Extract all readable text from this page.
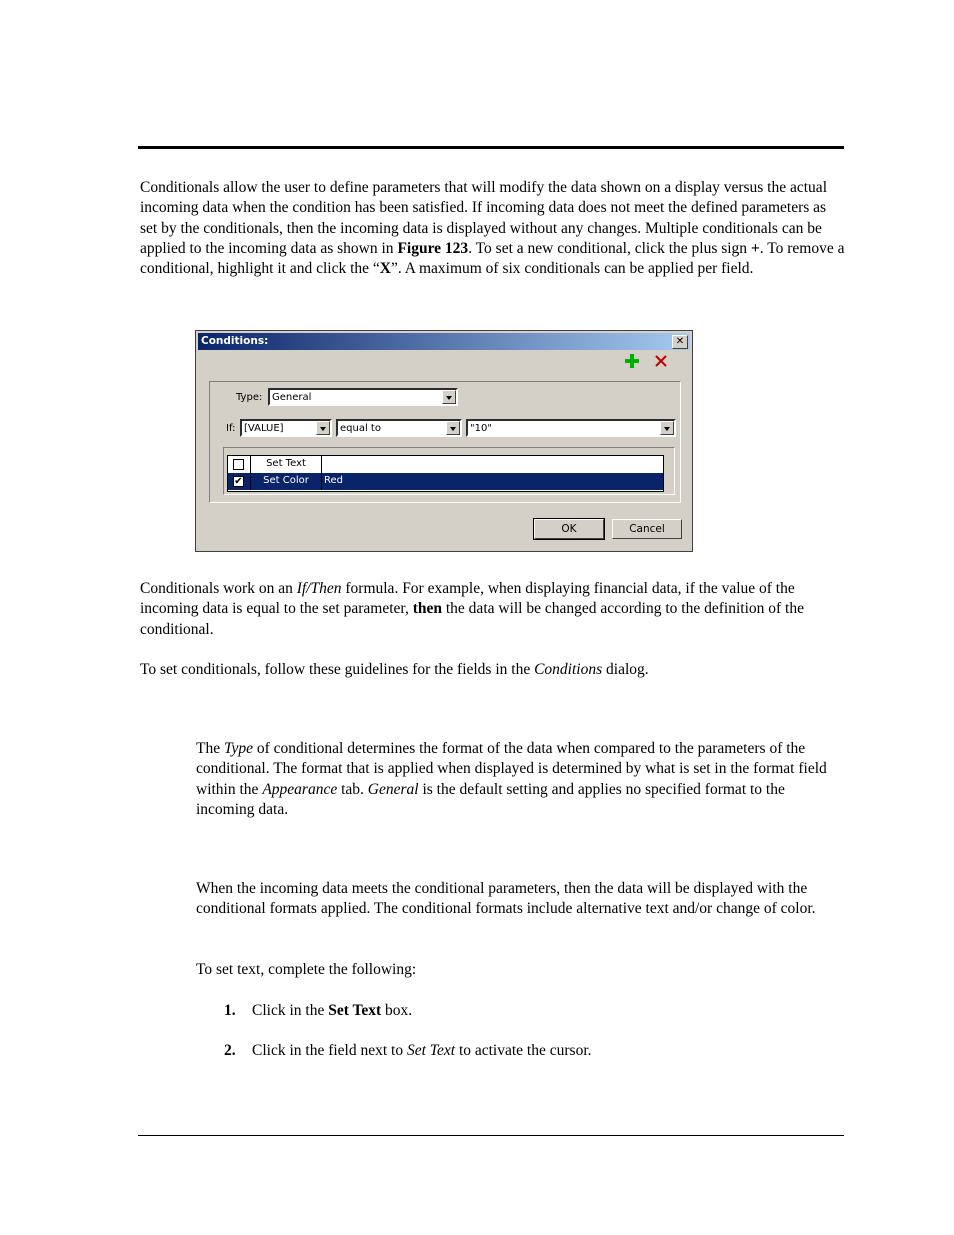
Conditionals allow the user to define parameters that will modify the data shown on a display versus the actual incoming data when the condition has been satisfied. If incoming data does not meet the defined parameters as set by the conditionals, then the incoming data is displayed without any changes. Multiple conditionals can be applied to the incoming data as shown in Figure 123. To set a new conditional, click the plus sign +. To remove a conditional, highlight it and click the “X”. A maximum of six conditionals can be applied per field.

Conditions:	✕
Type: General
If: [VALUE]	equal to	"10"
Set Text
✔	Set Color	Red
OK	Cancel

Conditionals work on an If/Then formula. For example, when displaying financial data, if the value of the incoming data is equal to the set parameter, then the data will be changed according to the definition of the conditional.

To set conditionals, follow these guidelines for the fields in the Conditions dialog.

The Type of conditional determines the format of the data when compared to the parameters of the conditional. The format that is applied when displayed is determined by what is set in the format field within the Appearance tab. General is the default setting and applies no specified format to the incoming data.

When the incoming data meets the conditional parameters, then the data will be displayed with the conditional formats applied. The conditional formats include alternative text and/or change of color.

To set text, complete the following:

1. Click in the Set Text box.
2. Click in the field next to Set Text to activate the cursor.
